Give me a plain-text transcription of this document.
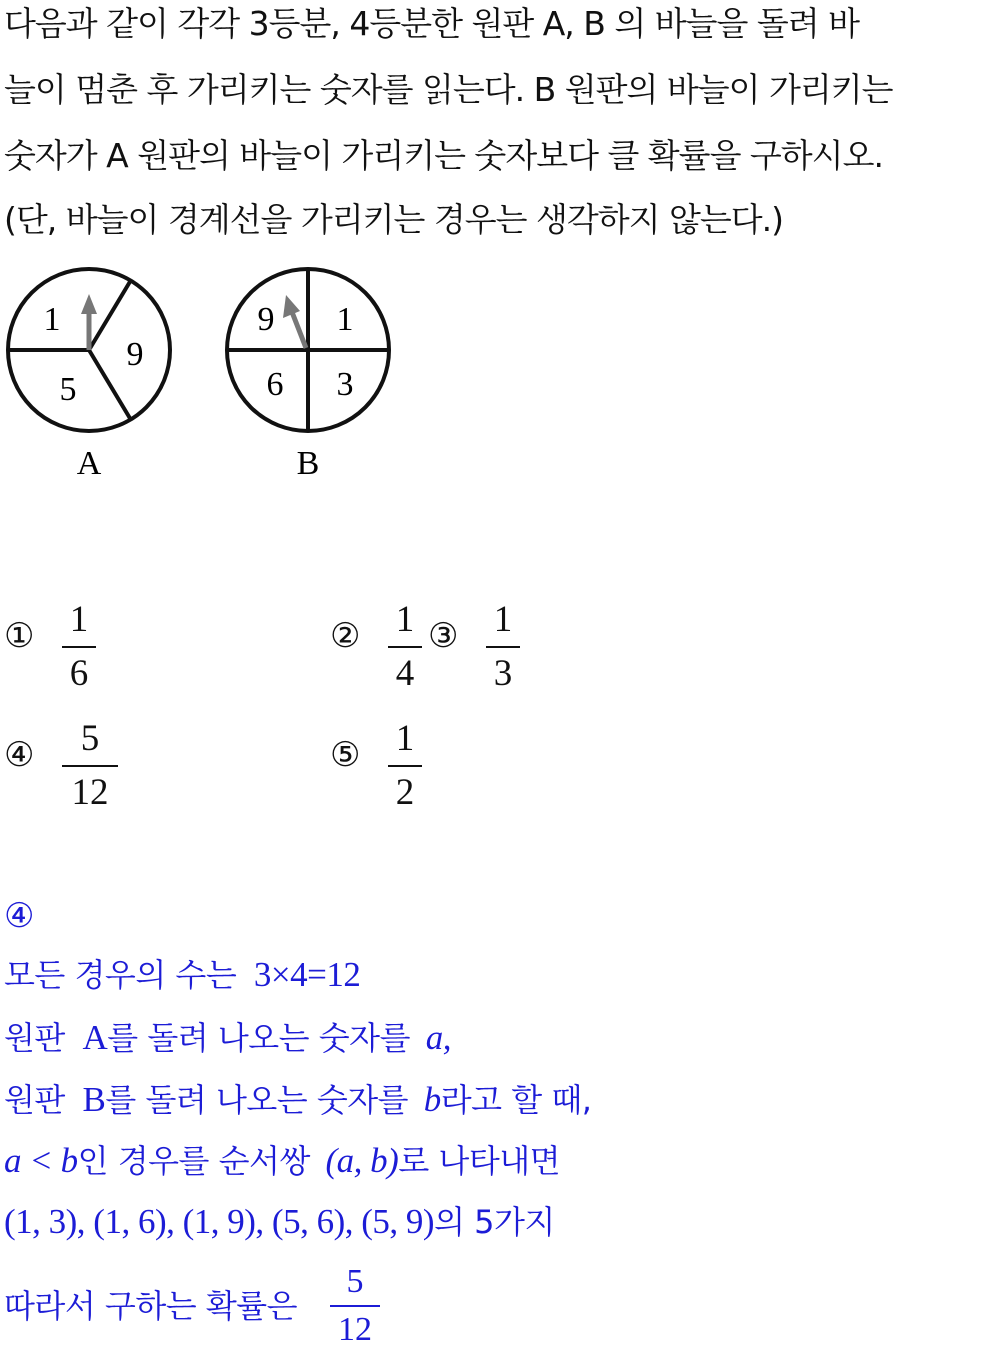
다음과 같이 각각 3등분, 4등분한 원판 A, B 의 바늘을 돌려 바
늘이 멈춘 후 가리키는 숫자를 읽는다. B 원판의 바늘이 가리키는
숫자가 A 원판의 바늘이 가리키는 숫자보다 클 확률을 구하시오.
(단, 바늘이 경계선을 가리키는 경우는 생각하지 않는다.)
1
9
5
A
9 1
6 3
B
① 1
6
② 1
4
③ 1
3
④	5
12
⑤ 1
2
④
모든 경우의 수는 3×4=12
원판 A를 돌려 나오는 숫자를 a,
원판 B를 돌려 나오는 숫자를 b라고 할 때,
a < b인 경우를 순서쌍 (a, b)로 나타내면
(1, 3), (1, 6), (1, 9), (5, 6), (5, 9)의 5가지
따라서 구하는 확률은
5
12
